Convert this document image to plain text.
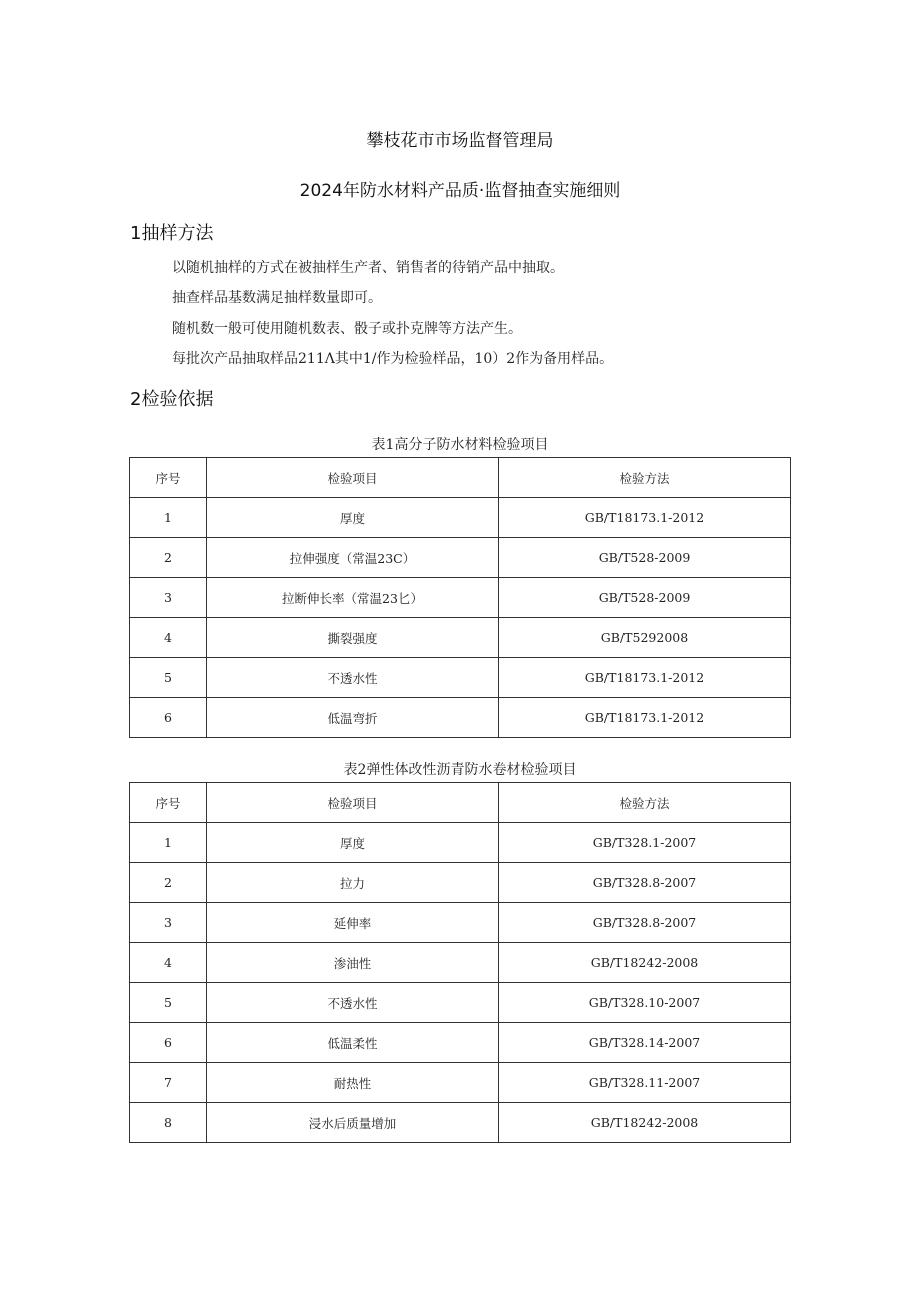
攀枝花市市场监督管理局
2024年防水材料产品质·监督抽查实施细则
1抽样方法
以随机抽样的方式在被抽样生产者、销售者的待销产品中抽取。
抽查样品基数满足抽样数量即可。
随机数一般可使用随机数表、骰子或扑克牌等方法产生。
每批次产品抽取样品211Λ其中1/作为检验样品，10）2作为备用样品。
2检验依据
表1高分子防水材料检验项目
序号	检验项目	检验方法
1	厚度	GB/T18173.1-2012
2	拉伸强度（常温23C）	GB/T528-2009
3	拉断伸长率（常温23匕）	GB/T528-2009
4	撕裂强度	GB/T5292008
5	不透水性	GB/T18173.1-2012
6	低温弯折	GB/T18173.1-2012
表2弹性体改性沥青防水卷材检验项目
序号	检验项目	检验方法
1	厚度	GB/T328.1-2007
2	拉力	GB/T328.8-2007
3	延伸率	GB/T328.8-2007
4	渗油性	GB/T18242-2008
5	不透水性	GB/T328.10-2007
6	低温柔性	GB/T328.14-2007
7	耐热性	GB/T328.11-2007
8	浸水后质量增加	GB/T18242-2008
